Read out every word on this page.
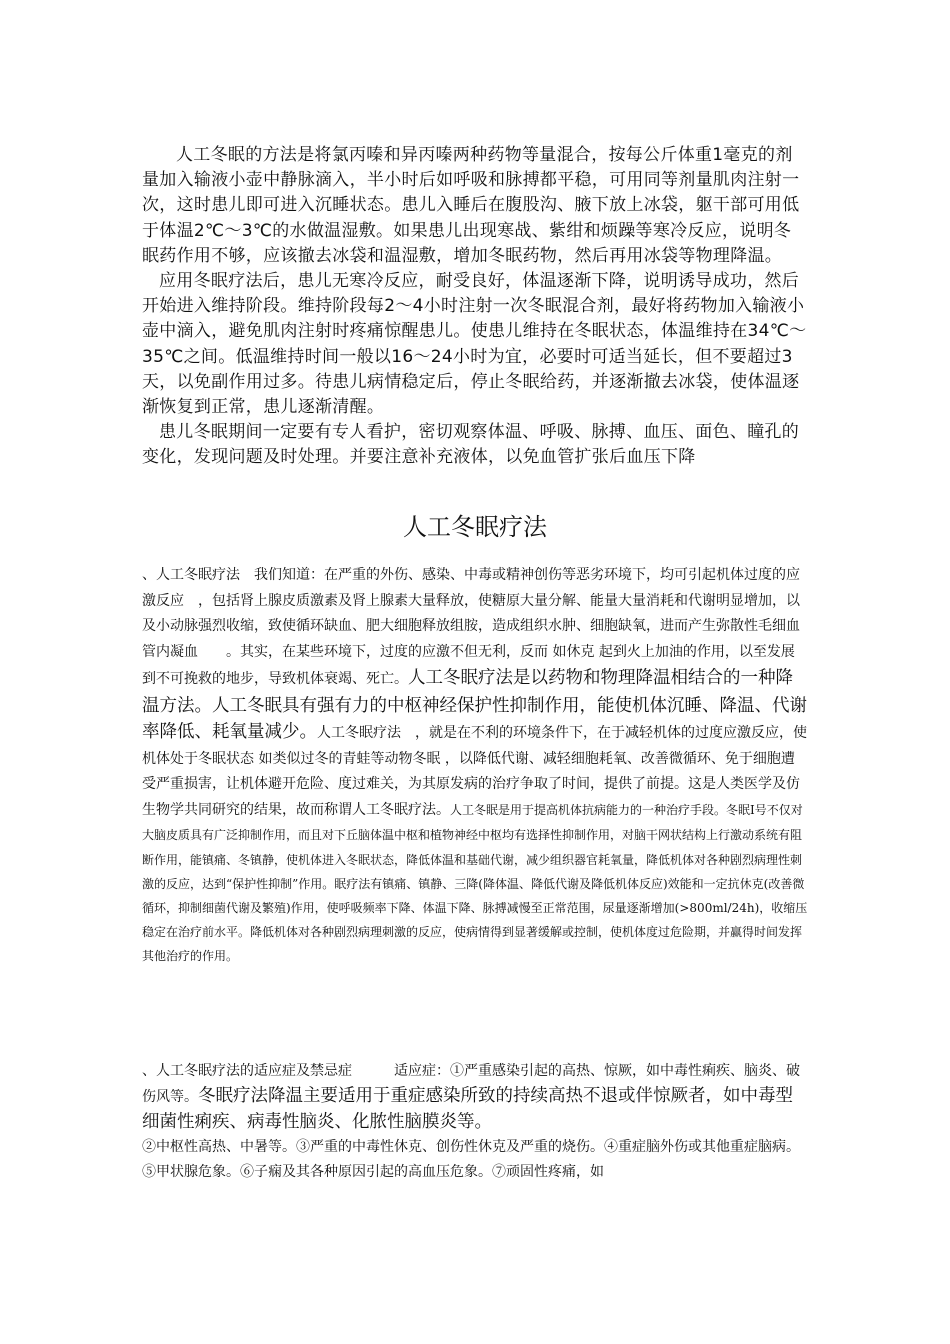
人工冬眠的方法是将氯丙嗪和异丙嗪两种药物等量混合，按每公斤体重1毫克的剂量加入输液小壶中静脉滴入，半小时后如呼吸和脉搏都平稳，可用同等剂量肌肉注射一次，这时患儿即可进入沉睡状态。患儿入睡后在腹股沟、腋下放上冰袋，躯干部可用低于体温2℃～3℃的水做温湿敷。如果患儿出现寒战、紫绀和烦躁等寒冷反应，说明冬眠药作用不够，应该撤去冰袋和温湿敷，增加冬眠药物，然后再用冰袋等物理降温。

应用冬眠疗法后，患儿无寒冷反应，耐受良好，体温逐渐下降，说明诱导成功，然后开始进入维持阶段。维持阶段每2～4小时注射一次冬眠混合剂，最好将药物加入输液小壶中滴入，避免肌肉注射时疼痛惊醒患儿。使患儿维持在冬眠状态，体温维持在34℃～35℃之间。低温维持时间一般以16～24小时为宜，必要时可适当延长，但不要超过3天，以免副作用过多。待患儿病情稳定后，停止冬眠给药，并逐渐撤去冰袋，使体温逐渐恢复到正常，患儿逐渐清醒。

患儿冬眠期间一定要有专人看护，密切观察体温、呼吸、脉搏、血压、面色、瞳孔的变化，发现问题及时处理。并要注意补充液体，以免血管扩张后血压下降

人工冬眠疗法
、人工冬眠疗法　我们知道：在严重的外伤、感染、中毒或精神创伤等恶劣环境下，均可引起机体过度的应激反应　，包括肾上腺皮质激素及肾上腺素大量释放，使糖原大量分解、能量大量消耗和代谢明显增加，以及小动脉强烈收缩，致使循环缺血、肥大细胞释放组胺，造成组织水肿、细胞缺氧，进而产生弥散性毛细血管内凝血　　。其实，在某些环境下，过度的应激不但无利，反而 如休克 起到火上加油的作用，以至发展到不可挽救的地步，导致机体衰竭、死亡。人工冬眠疗法是以药物和物理降温相结合的一种降温方法。人工冬眠具有强有力的中枢神经保护性抑制作用，能使机体沉睡、降温、代谢率降低、耗氧量减少。人工冬眠疗法　，就是在不利的环境条件下，在于减轻机体的过度应激反应，使机体处于冬眠状态 如类似过冬的青蛙等动物冬眠 ，以降低代谢、减轻细胞耗氧、改善微循环、免于细胞遭受严重损害，让机体避开危险、度过难关，为其原发病的治疗争取了时间，提供了前提。这是人类医学及仿生物学共同研究的结果，故而称谓人工冬眠疗法。人工冬眠是用于提高机体抗病能力的一种治疗手段。冬眠Ⅰ号不仅对大脑皮质具有广泛抑制作用，而且对下丘脑体温中枢和植物神经中枢均有选择性抑制作用，对脑干网状结构上行激动系统有阻断作用，能镇痛、冬镇静，使机体进入冬眠状态，降低体温和基础代谢，减少组织器官耗氧量，降低机体对各种剧烈病理性刺激的反应，达到“保护性抑制”作用。眠疗法有镇痛、镇静、三降(降体温、降低代谢及降低机体反应)效能和一定抗休克(改善微循环，抑制细菌代谢及繁殖)作用，使呼吸频率下降、体温下降、脉搏减慢至正常范围，尿量逐渐增加(>800ml/24h)，收缩压稳定在治疗前水平。降低机体对各种剧烈病理刺激的反应，使病情得到显著缓解或控制，使机体度过危险期，并赢得时间发挥其他治疗的作用。
、人工冬眠疗法的适应症及禁忌症　　　适应症：①严重感染引起的高热、惊厥，如中毒性痢疾、脑炎、破伤风等。冬眠疗法降温主要适用于重症感染所致的持续高热不退或伴惊厥者，如中毒型细菌性痢疾、病毒性脑炎、化脓性脑膜炎等。
②中枢性高热、中暑等。③严重的中毒性休克、创伤性休克及严重的烧伤。④重症脑外伤或其他重症脑病。⑤甲状腺危象。⑥子痫及其各种原因引起的高血压危象。⑦顽固性疼痛，如
